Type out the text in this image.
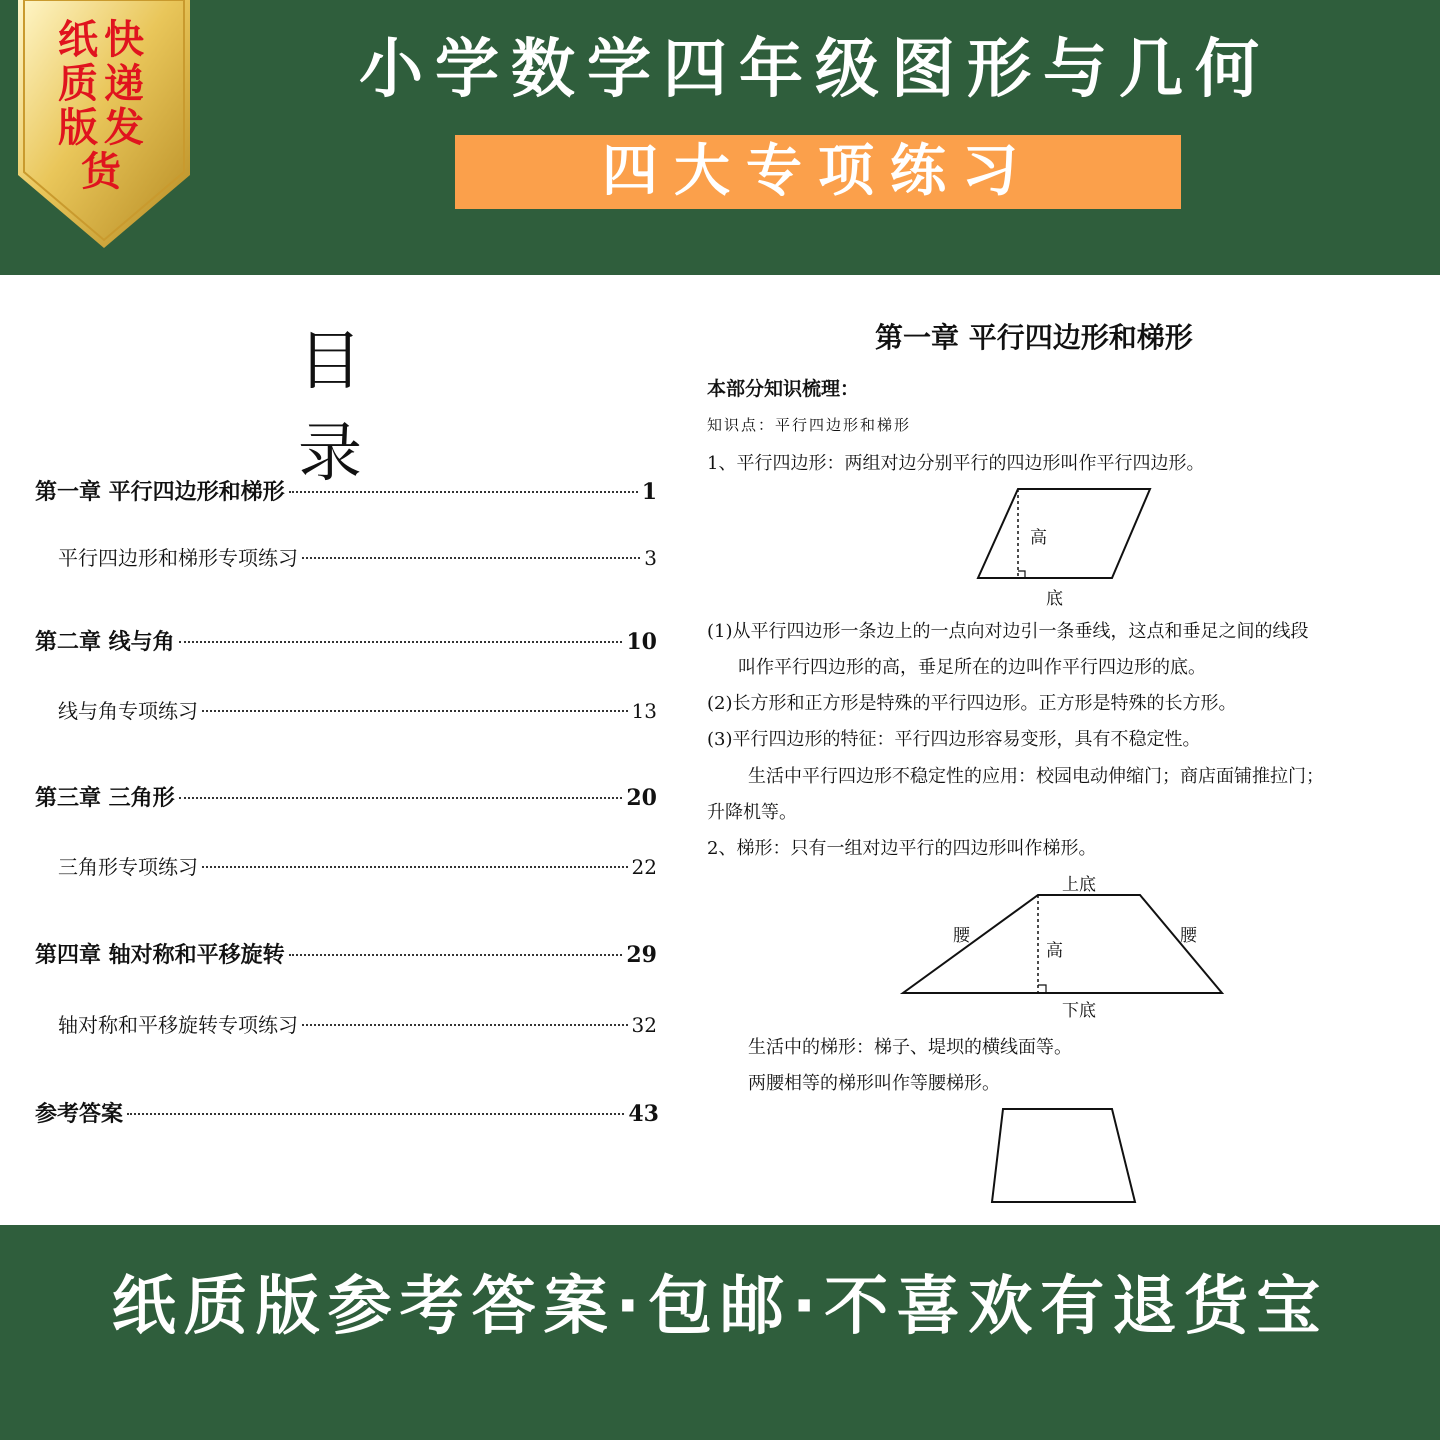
纸快
质递
版发
货
小学数学四年级图形与几何
四大专项练习
目 录
第一章 平行四边形和梯形	1
平行四边形和梯形专项练习	3
第二章 线与角	10
线与角专项练习	13
第三章 三角形	20
三角形专项练习	22
第四章 轴对称和平移旋转	29
轴对称和平移旋转专项练习	32
参考答案	43
第一章 平行四边形和梯形
本部分知识梳理：
知识点：平行四边形和梯形
1、平行四边形：两组对边分别平行的四边形叫作平行四边形。
高
底
(1)从平行四边形一条边上的一点向对边引一条垂线，这点和垂足之间的线段
叫作平行四边形的高，垂足所在的边叫作平行四边形的底。
(2)长方形和正方形是特殊的平行四边形。正方形是特殊的长方形。
(3)平行四边形的特征：平行四边形容易变形，具有不稳定性。
生活中平行四边形不稳定性的应用：校园电动伸缩门；商店面铺推拉门；
升降机等。
2、梯形：只有一组对边平行的四边形叫作梯形。
上底
腰	腰
高
下底
生活中的梯形：梯子、堤坝的横线面等。
两腰相等的梯形叫作等腰梯形。
纸质版参考答案·包邮·不喜欢有退货宝
